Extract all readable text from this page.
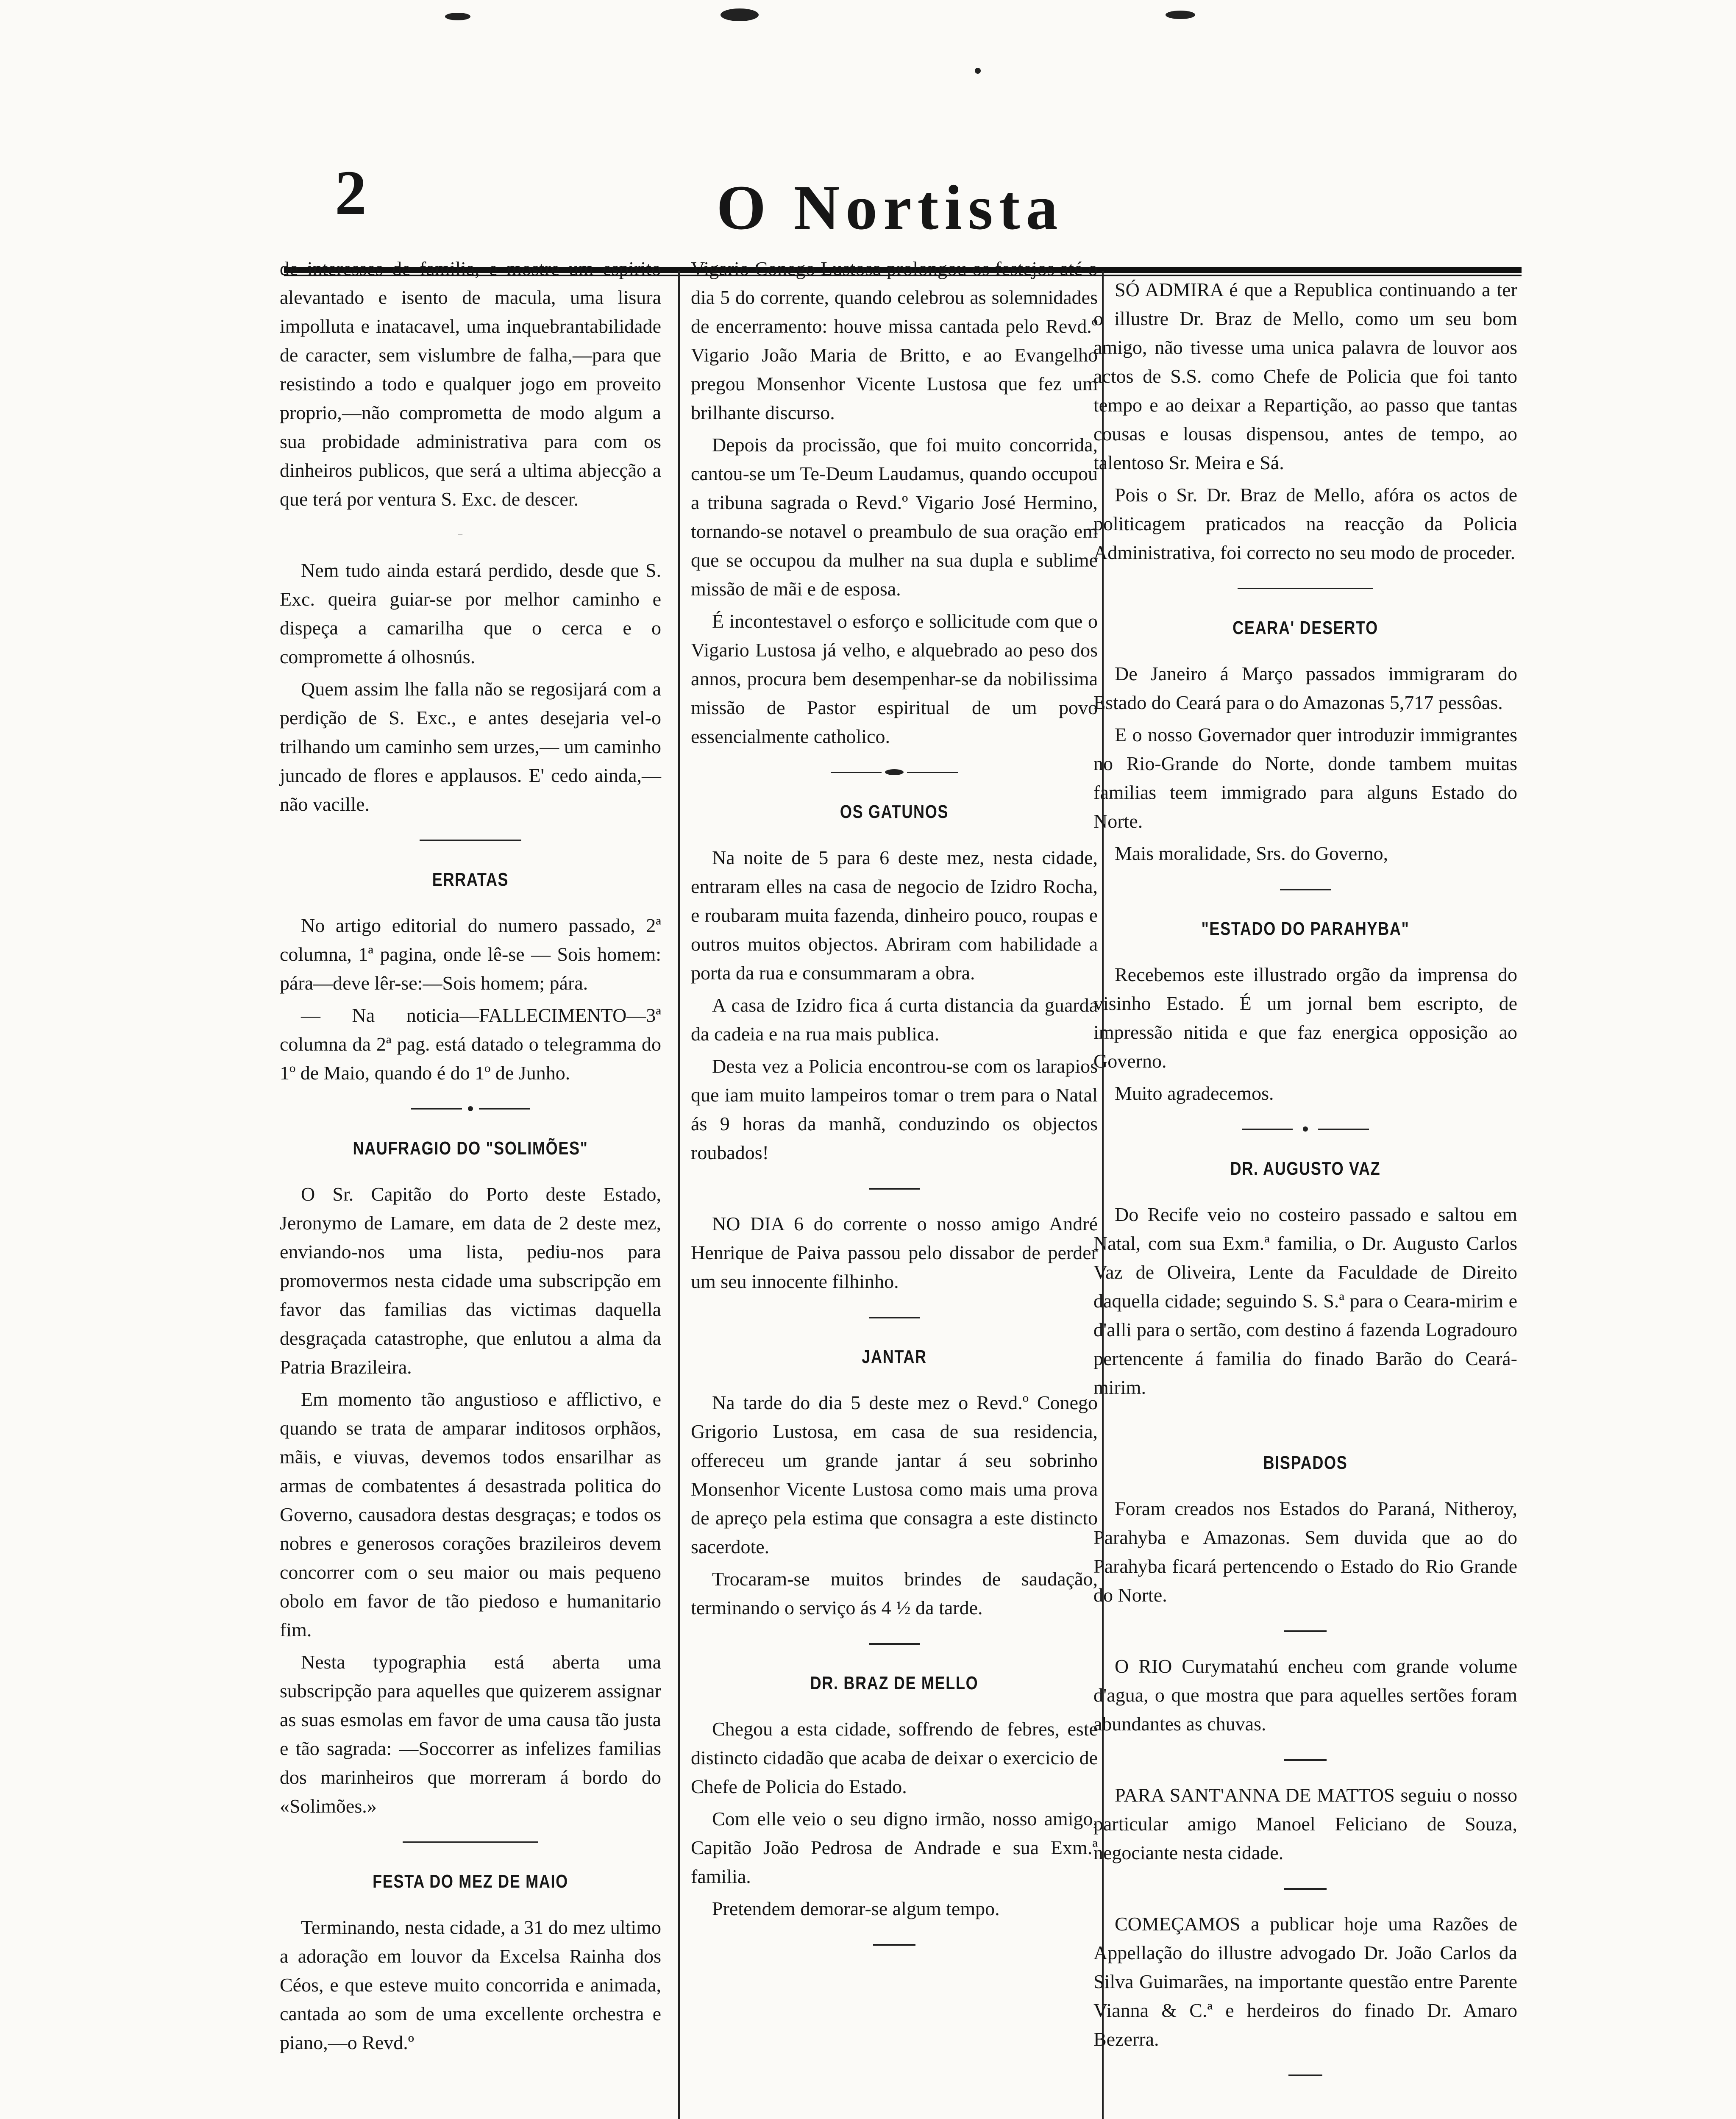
2	O Nortista

de interesses de familia, e mostre um espirito alevantado e isento de macula, uma lisura impolluta e inatacavel, uma inquebrantabilidade de caracter, sem vislumbre de falha,—para que resistindo a todo e qualquer jogo em proveito proprio,—não comprometta de modo algum a sua probidade administrativa para com os dinheiros publicos, que será a ultima abjecção a que terá por ventura S. Exc. de descer.

Nem tudo ainda estará perdido, desde que S. Exc. queira guiar-se por melhor caminho e dispeça a camarilha que o cerca e o compromette á olhosnús.

Quem assim lhe falla não se regosijará com a perdição de S. Exc., e antes desejaria vel-o trilhando um caminho sem urzes,— um caminho juncado de flores e applausos. E' cedo ainda,—não vacille.

ERRATAS

No artigo editorial do numero passado, 2ª columna, 1ª pagina, onde lê-se — Sois homem: pára—deve lêr-se:—Sois homem; pára.

— Na noticia—FALLECIMENTO—3ª columna da 2ª pag. está datado o telegramma do 1º de Maio, quando é do 1º de Junho.

NAUFRAGIO DO "SOLIMÕES"

O Sr. Capitão do Porto deste Estado, Jeronymo de Lamare, em data de 2 deste mez, enviando-nos uma lista, pediu-nos para promovermos nesta cidade uma subscripção em favor das familias das victimas daquella desgraçada catastrophe, que enlutou a alma da Patria Brazileira.

Em momento tão angustioso e afflictivo, e quando se trata de amparar inditosos orphãos, mãis, e viuvas, devemos todos ensarilhar as armas de combatentes á desastrada politica do Governo, causadora destas desgraças; e todos os nobres e generosos corações brazileiros devem concorrer com o seu maior ou mais pequeno obolo em favor de tão piedoso e humanitario fim.

Nesta typographia está aberta uma subscripção para aquelles que quizerem assignar as suas esmolas em favor de uma causa tão justa e tão sagrada: —Soccorrer as infelizes familias dos marinheiros que morreram á bordo do «Solimões.»

FESTA DO MEZ DE MAIO

Terminando, nesta cidade, a 31 do mez ultimo a adoração em louvor da Excelsa Rainha dos Céos, e que esteve muito concorrida e animada, cantada ao som de uma excellente orchestra e piano,—o Revd.º

Vigario Conego Lustosa prolongou os festejos até o dia 5 do corrente, quando celebrou as solemnidades de encerramento: houve missa cantada pelo Revd.º Vigario João Maria de Britto, e ao Evangelho pregou Monsenhor Vicente Lustosa que fez um brilhante discurso.

Depois da procissão, que foi muito concorrida, cantou-se um Te-Deum Laudamus, quando occupou a tribuna sagrada o Revd.º Vigario José Hermino, tornando-se notavel o preambulo de sua oração em que se occupou da mulher na sua dupla e sublime missão de mãi e de esposa.

É incontestavel o esforço e sollicitude com que o Vigario Lustosa já velho, e alquebrado ao peso dos annos, procura bem desempenhar-se da nobilissima missão de Pastor espiritual de um povo essencialmente catholico.

OS GATUNOS

Na noite de 5 para 6 deste mez, nesta cidade, entraram elles na casa de negocio de Izidro Rocha, e roubaram muita fazenda, dinheiro pouco, roupas e outros muitos objectos. Abriram com habilidade a porta da rua e consummaram a obra.

A casa de Izidro fica á curta distancia da guarda da cadeia e na rua mais publica.

Desta vez a Policia encontrou-se com os larapios que iam muito lampeiros tomar o trem para o Natal ás 9 horas da manhã, conduzindo os objectos roubados!

NO DIA 6 do corrente o nosso amigo André Henrique de Paiva passou pelo dissabor de perder um seu innocente filhinho.

JANTAR

Na tarde do dia 5 deste mez o Revd.º Conego Grigorio Lustosa, em casa de sua residencia, offereceu um grande jantar á seu sobrinho Monsenhor Vicente Lustosa como mais uma prova de apreço pela estima que consagra a este distincto sacerdote.

Trocaram-se muitos brindes de saudação, terminando o serviço ás 4 ½ da tarde.

DR. BRAZ DE MELLO

Chegou a esta cidade, soffrendo de febres, este distincto cidadão que acaba de deixar o exercicio de Chefe de Policia do Estado.

Com elle veio o seu digno irmão, nosso amigo, Capitão João Pedrosa de Andrade e sua Exm.ª familia.

Pretendem demorar-se algum tempo.

SÓ ADMIRA é que a Republica continuando a ter o illustre Dr. Braz de Mello, como um seu bom amigo, não tivesse uma unica palavra de louvor aos actos de S.S. como Chefe de Policia que foi tanto tempo e ao deixar a Repartição, ao passo que tantas cousas e lousas dispensou, antes de tempo, ao talentoso Sr. Meira e Sá.

Pois o Sr. Dr. Braz de Mello, afóra os actos de politicagem praticados na reacção da Policia Administrativa, foi correcto no seu modo de proceder.

CEARA' DESERTO

De Janeiro á Março passados immigraram do Estado do Ceará para o do Amazonas 5,717 pessôas.

E o nosso Governador quer introduzir immigrantes no Rio-Grande do Norte, donde tambem muitas familias teem immigrado para alguns Estado do Norte.

Mais moralidade, Srs. do Governo,

"ESTADO DO PARAHYBA"

Recebemos este illustrado orgão da imprensa do visinho Estado. É um jornal bem escripto, de impressão nitida e que faz energica opposição ao Governo.

Muito agradecemos.

DR. AUGUSTO VAZ

Do Recife veio no costeiro passado e saltou em Natal, com sua Exm.ª familia, o Dr. Augusto Carlos Vaz de Oliveira, Lente da Faculdade de Direito daquella cidade; seguindo S. S.ª para o Ceara-mirim e d'alli para o sertão, com destino á fazenda Logradouro pertencente á familia do finado Barão do Ceará-mirim.

BISPADOS

Foram creados nos Estados do Paraná, Nitheroy, Parahyba e Amazonas. Sem duvida que ao do Parahyba ficará pertencendo o Estado do Rio Grande do Norte.

O RIO Curymatahú encheu com grande volume d'agua, o que mostra que para aquelles sertões foram abundantes as chuvas.

PARA SANT'ANNA DE MATTOS seguiu o nosso particular amigo Manoel Feliciano de Souza, negociante nesta cidade.

COMEÇAMOS a publicar hoje uma Razões de Appellação do illustre advogado Dr. João Carlos da Silva Guimarães, na importante questão entre Parente Vianna & C.ª e herdeiros do finado Dr. Amaro Bezerra.
